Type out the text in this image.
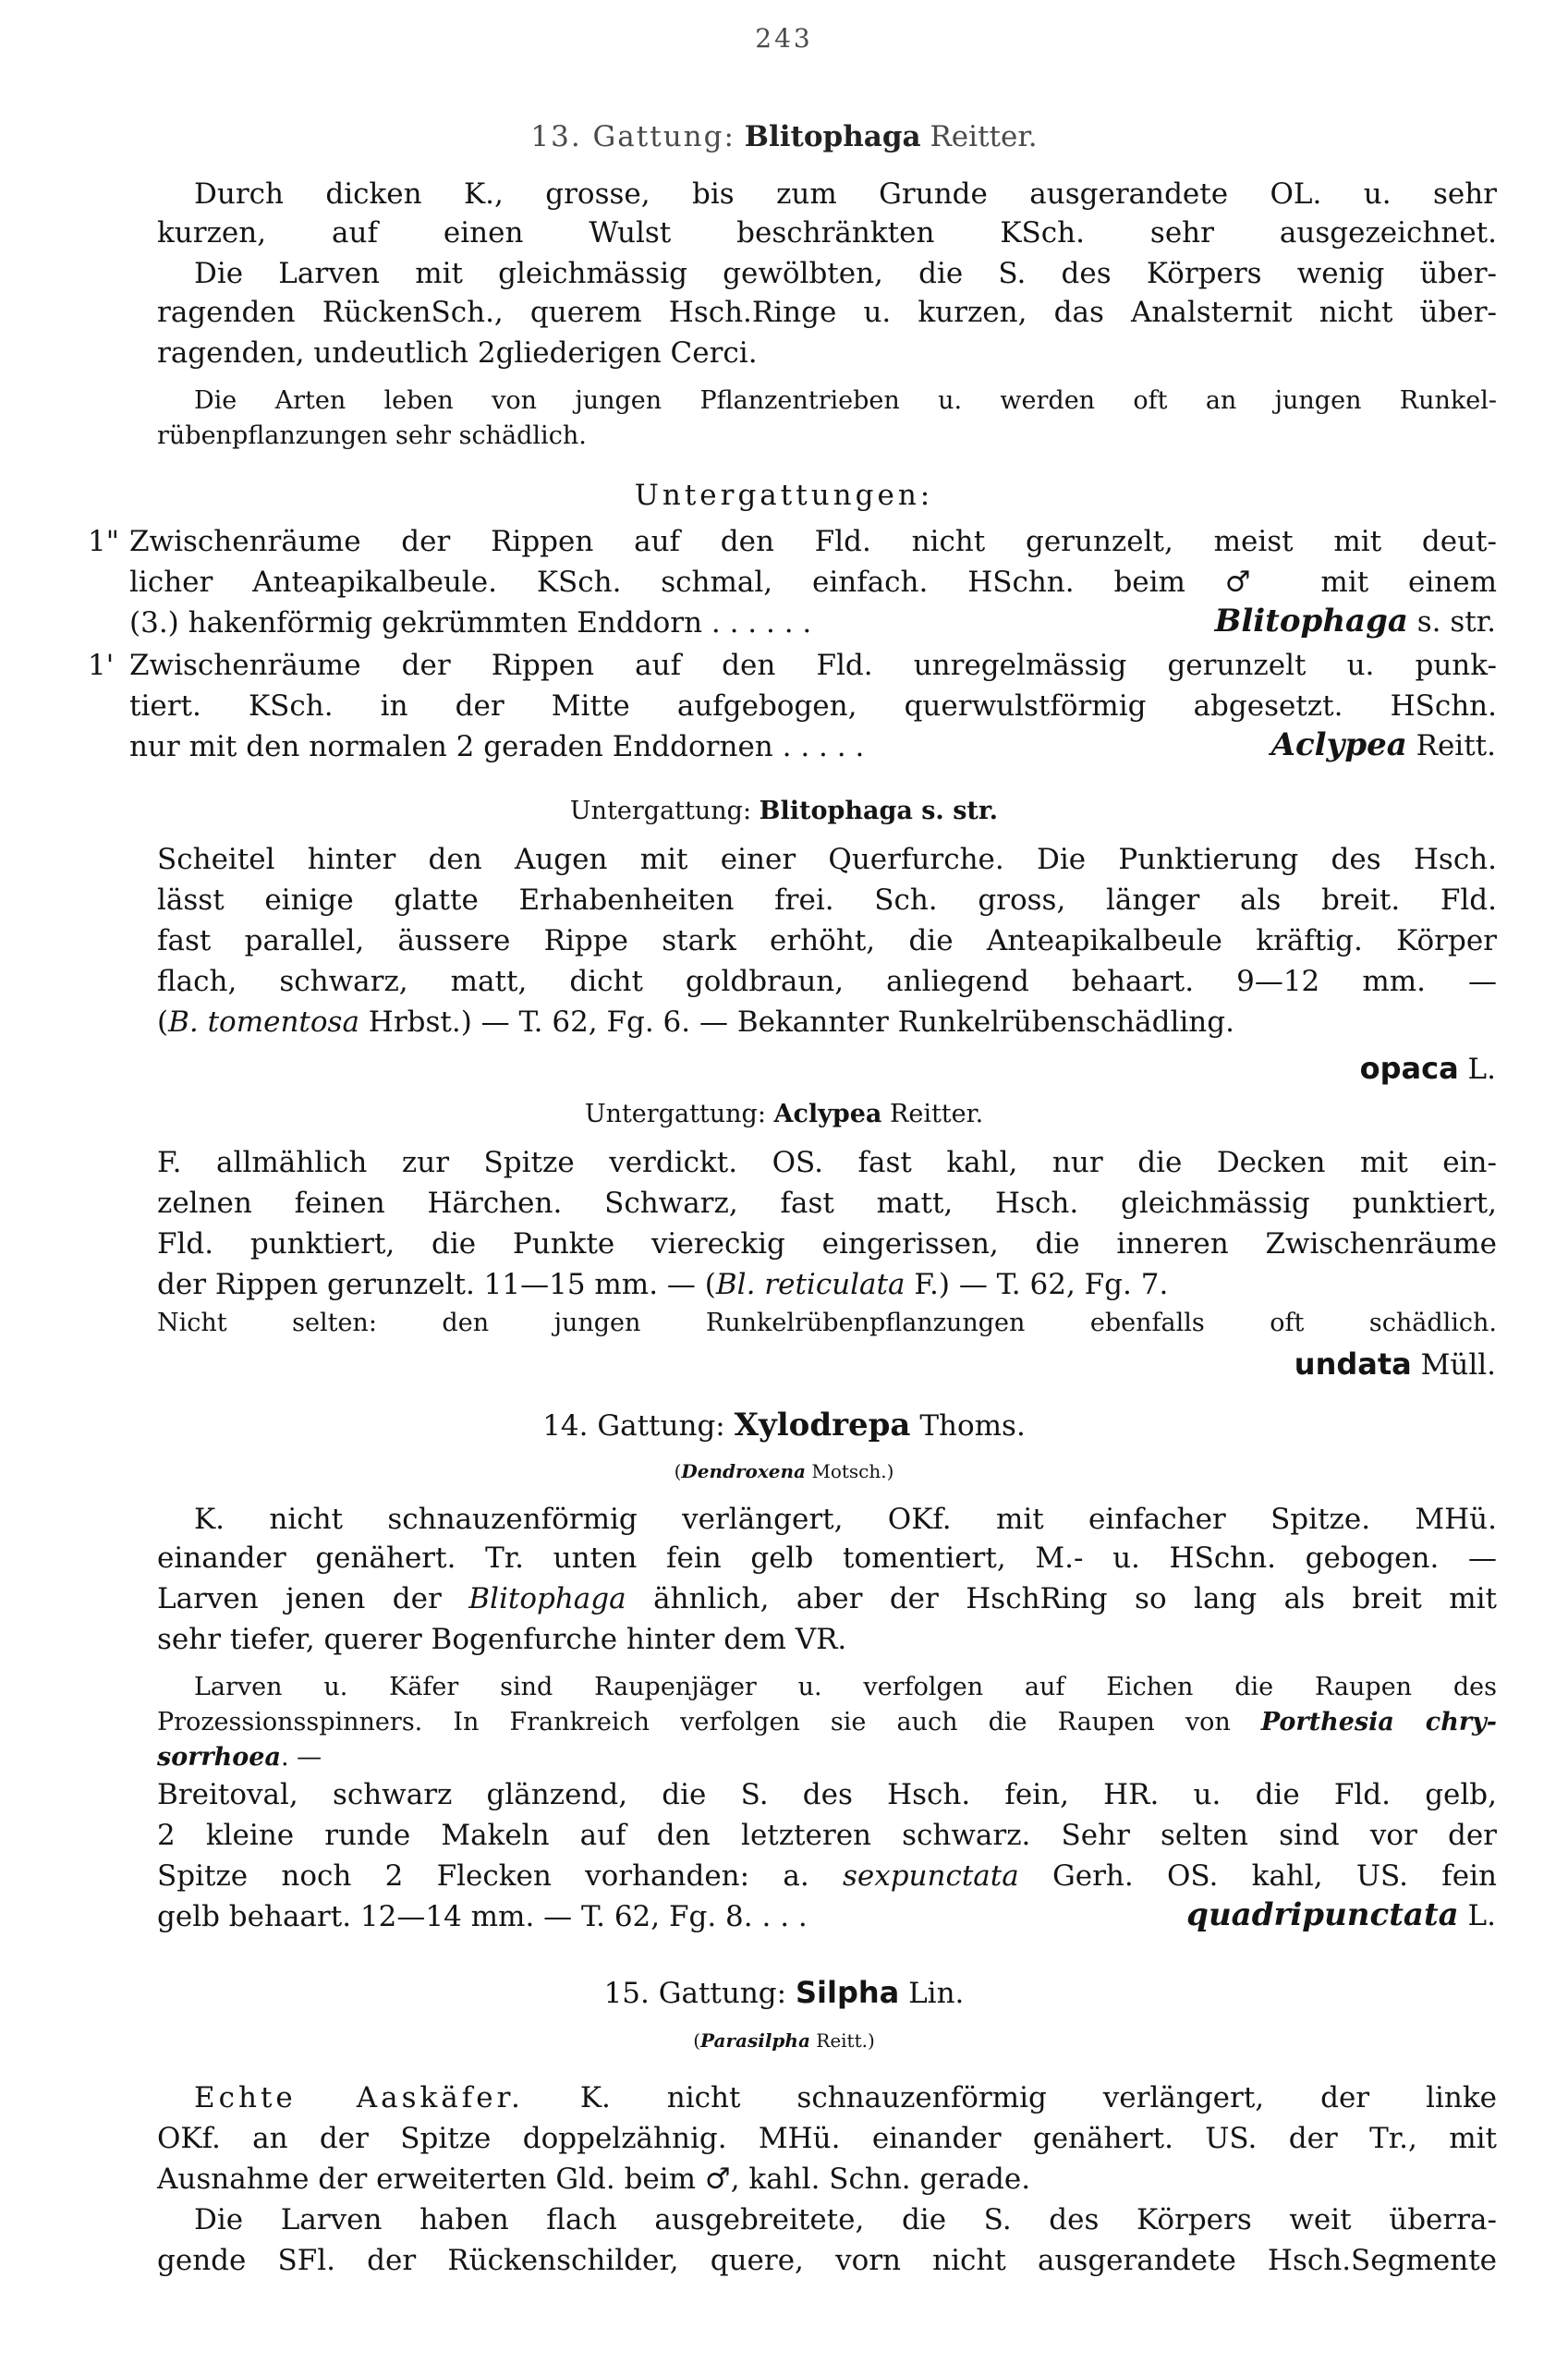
243
13. Gattung: Blitophaga Reitter.
Durch dicken K., grosse, bis zum Grunde ausgerandete OL. u. sehr
kurzen, auf einen Wulst beschränkten KSch. sehr ausgezeichnet.
Die Larven mit gleichmässig gewölbten, die S. des Körpers wenig über-
ragenden RückenSch., querem Hsch.Ringe u. kurzen, das Analsternit nicht über-
ragenden, undeutlich 2gliederigen Cerci.
Die Arten leben von jungen Pflanzentrieben u. werden oft an jungen Runkel-
rübenpflanzungen sehr schädlich.
Untergattungen:
1" Zwischenräume der Rippen auf den Fld. nicht gerunzelt, meist mit deut-
licher Anteapikalbeule. KSch. schmal, einfach. HSchn. beim ♂ mit einem
(3.) hakenförmig gekrümmten Enddorn . . . . . .	Blitophaga s. str.
1' Zwischenräume der Rippen auf den Fld. unregelmässig gerunzelt u. punk-
tiert. KSch. in der Mitte aufgebogen, querwulstförmig abgesetzt. HSchn.
nur mit den normalen 2 geraden Enddornen . . . . .	Aclypea Reitt.
Untergattung: Blitophaga s. str.
Scheitel hinter den Augen mit einer Querfurche. Die Punktierung des Hsch.
lässt einige glatte Erhabenheiten frei. Sch. gross, länger als breit. Fld.
fast parallel, äussere Rippe stark erhöht, die Anteapikalbeule kräftig. Körper
flach, schwarz, matt, dicht goldbraun, anliegend behaart. 9—12 mm. —
(B. tomentosa Hrbst.) — T. 62, Fg. 6. — Bekannter Runkelrübenschädling.
opaca L.
Untergattung: Aclypea Reitter.
F. allmählich zur Spitze verdickt. OS. fast kahl, nur die Decken mit ein-
zelnen feinen Härchen. Schwarz, fast matt, Hsch. gleichmässig punktiert,
Fld. punktiert, die Punkte viereckig eingerissen, die inneren Zwischenräume
der Rippen gerunzelt. 11—15 mm. — (Bl. reticulata F.) — T. 62, Fg. 7.
Nicht selten: den jungen Runkelrübenpflanzungen ebenfalls oft schädlich.
undata Müll.
14. Gattung: Xylodrepa Thoms.
(Dendroxena Motsch.)
K. nicht schnauzenförmig verlängert, OKf. mit einfacher Spitze. MHü.
einander genähert. Tr. unten fein gelb tomentiert, M.- u. HSchn. gebogen. —
Larven jenen der Blitophaga ähnlich, aber der HschRing so lang als breit mit
sehr tiefer, querer Bogenfurche hinter dem VR.
Larven u. Käfer sind Raupenjäger u. verfolgen auf Eichen die Raupen des
Prozessionsspinners. In Frankreich verfolgen sie auch die Raupen von Porthesia chry-
sorrhoea. —
Breitoval, schwarz glänzend, die S. des Hsch. fein, HR. u. die Fld. gelb,
2 kleine runde Makeln auf den letzteren schwarz. Sehr selten sind vor der
Spitze noch 2 Flecken vorhanden: a. sexpunctata Gerh. OS. kahl, US. fein
gelb behaart. 12—14 mm. — T. 62, Fg. 8. . . .	quadripunctata L.
15. Gattung: Silpha Lin.
(Parasilpha Reitt.)
Echte Aaskäfer. K. nicht schnauzenförmig verlängert, der linke
OKf. an der Spitze doppelzähnig. MHü. einander genähert. US. der Tr., mit
Ausnahme der erweiterten Gld. beim ♂, kahl. Schn. gerade.
Die Larven haben flach ausgebreitete, die S. des Körpers weit überra-
gende SFl. der Rückenschilder, quere, vorn nicht ausgerandete Hsch.Segmente
